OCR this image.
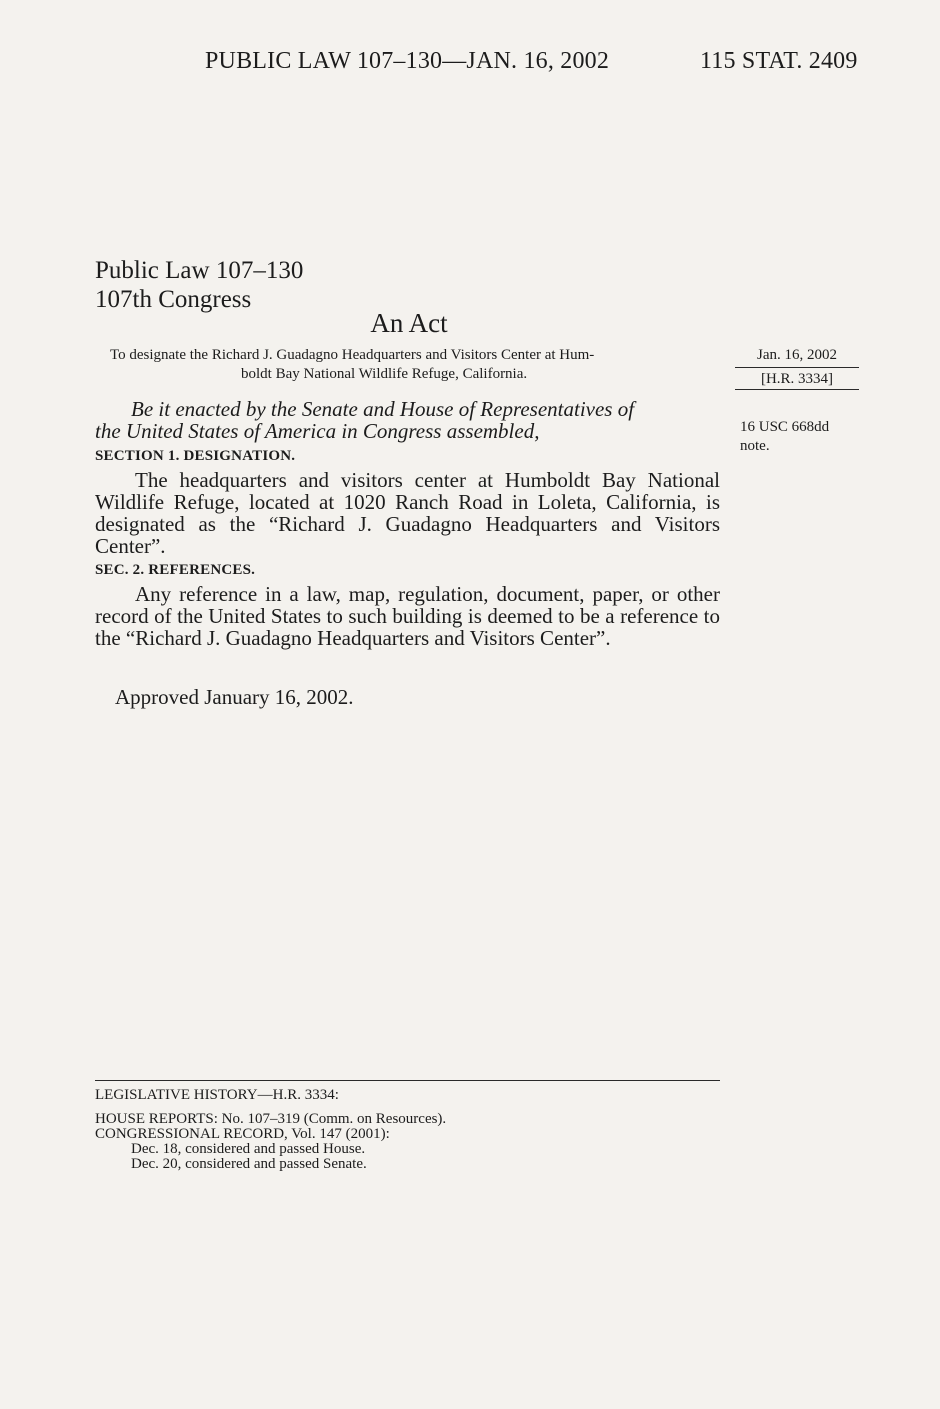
PUBLIC LAW 107–130—JAN. 16, 2002	115 STAT. 2409
Public Law 107–130
107th Congress
An Act
To designate the Richard J. Guadagno Headquarters and Visitors Center at Hum-
boldt Bay National Wildlife Refuge, California.
Jan. 16, 2002
[H.R. 3334]
16 USC 668dd
note.
Be it enacted by the Senate and House of Representatives of
the United States of America in Congress assembled,
SECTION 1. DESIGNATION.
The headquarters and visitors center at Humboldt Bay National Wildlife Refuge, located at 1020 Ranch Road in Loleta, California, is designated as the “Richard J. Guadagno Headquarters and Visitors Center”.
SEC. 2. REFERENCES.
Any reference in a law, map, regulation, document, paper, or other record of the United States to such building is deemed to be a reference to the “Richard J. Guadagno Headquarters and Visitors Center”.
Approved January 16, 2002.
LEGISLATIVE HISTORY—H.R. 3334:
HOUSE REPORTS: No. 107–319 (Comm. on Resources).
CONGRESSIONAL RECORD, Vol. 147 (2001):
Dec. 18, considered and passed House.
Dec. 20, considered and passed Senate.
